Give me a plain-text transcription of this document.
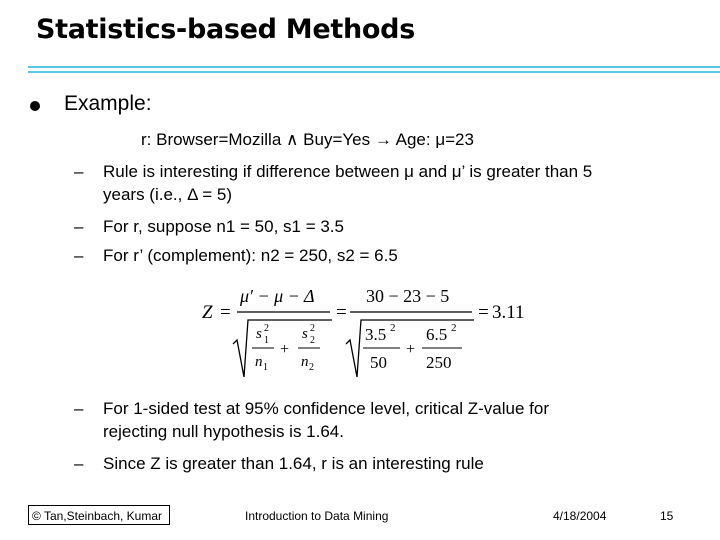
Statistics-based Methods
Example:
r: Browser=Mozilla ∧ Buy=Yes → Age: μ=23
– Rule is interesting if difference between μ and μ’ is greater than 5
years (i.e., Δ = 5)
– For r, suppose n1 = 50, s1 = 3.5
– For r’ (complement): n2 = 250, s2 = 6.5
Z =
μ′ − μ − Δ
s 2
1
n 1
+
s 2
2
n 2
=
30 − 23 − 5
3.5 2
50
+
6.5 2
250
= 3.11
– For 1-sided test at 95% confidence level, critical Z-value for
rejecting null hypothesis is 1.64.
– Since Z is greater than 1.64, r is an interesting rule
© Tan,Steinbach, Kumar	Introduction to Data Mining	4/18/2004	15
